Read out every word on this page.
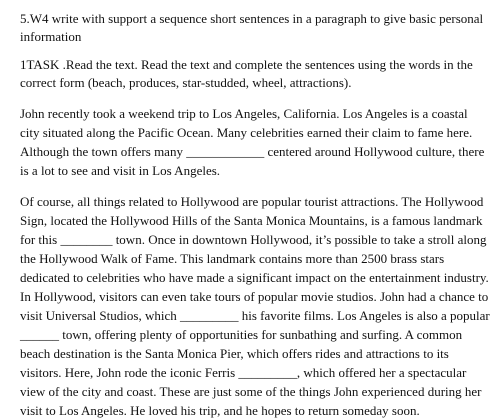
5.W4 write with support a sequence short sentences in a paragraph to give basic personal information

1TASK .Read the text. Read the text and complete the sentences using the words in the correct form (beach, produces, star-studded, wheel, attractions).

John recently took a weekend trip to Los Angeles, California. Los Angeles is a coastal city situated along the Pacific Ocean. Many celebrities earned their claim to fame here. Although the town offers many ____________ centered around Hollywood culture, there is a lot to see and visit in Los Angeles.

Of course, all things related to Hollywood are popular tourist attractions. The Hollywood Sign, located the Hollywood Hills of the Santa Monica Mountains, is a famous landmark for this ________ town. Once in downtown Hollywood, it’s possible to take a stroll along the Hollywood Walk of Fame. This landmark contains more than 2500 brass stars dedicated to celebrities who have made a significant impact on the entertainment industry. In Hollywood, visitors can even take tours of popular movie studios. John had a chance to visit Universal Studios, which _________ his favorite films. Los Angeles is also a popular ______ town, offering plenty of opportunities for sunbathing and surfing. A common beach destination is the Santa Monica Pier, which offers rides and attractions to its visitors. Here, John rode the iconic Ferris _________, which offered her a spectacular view of the city and coast. These are just some of the things John experienced during her visit to Los Angeles. He loved his trip, and he hopes to return someday soon.
